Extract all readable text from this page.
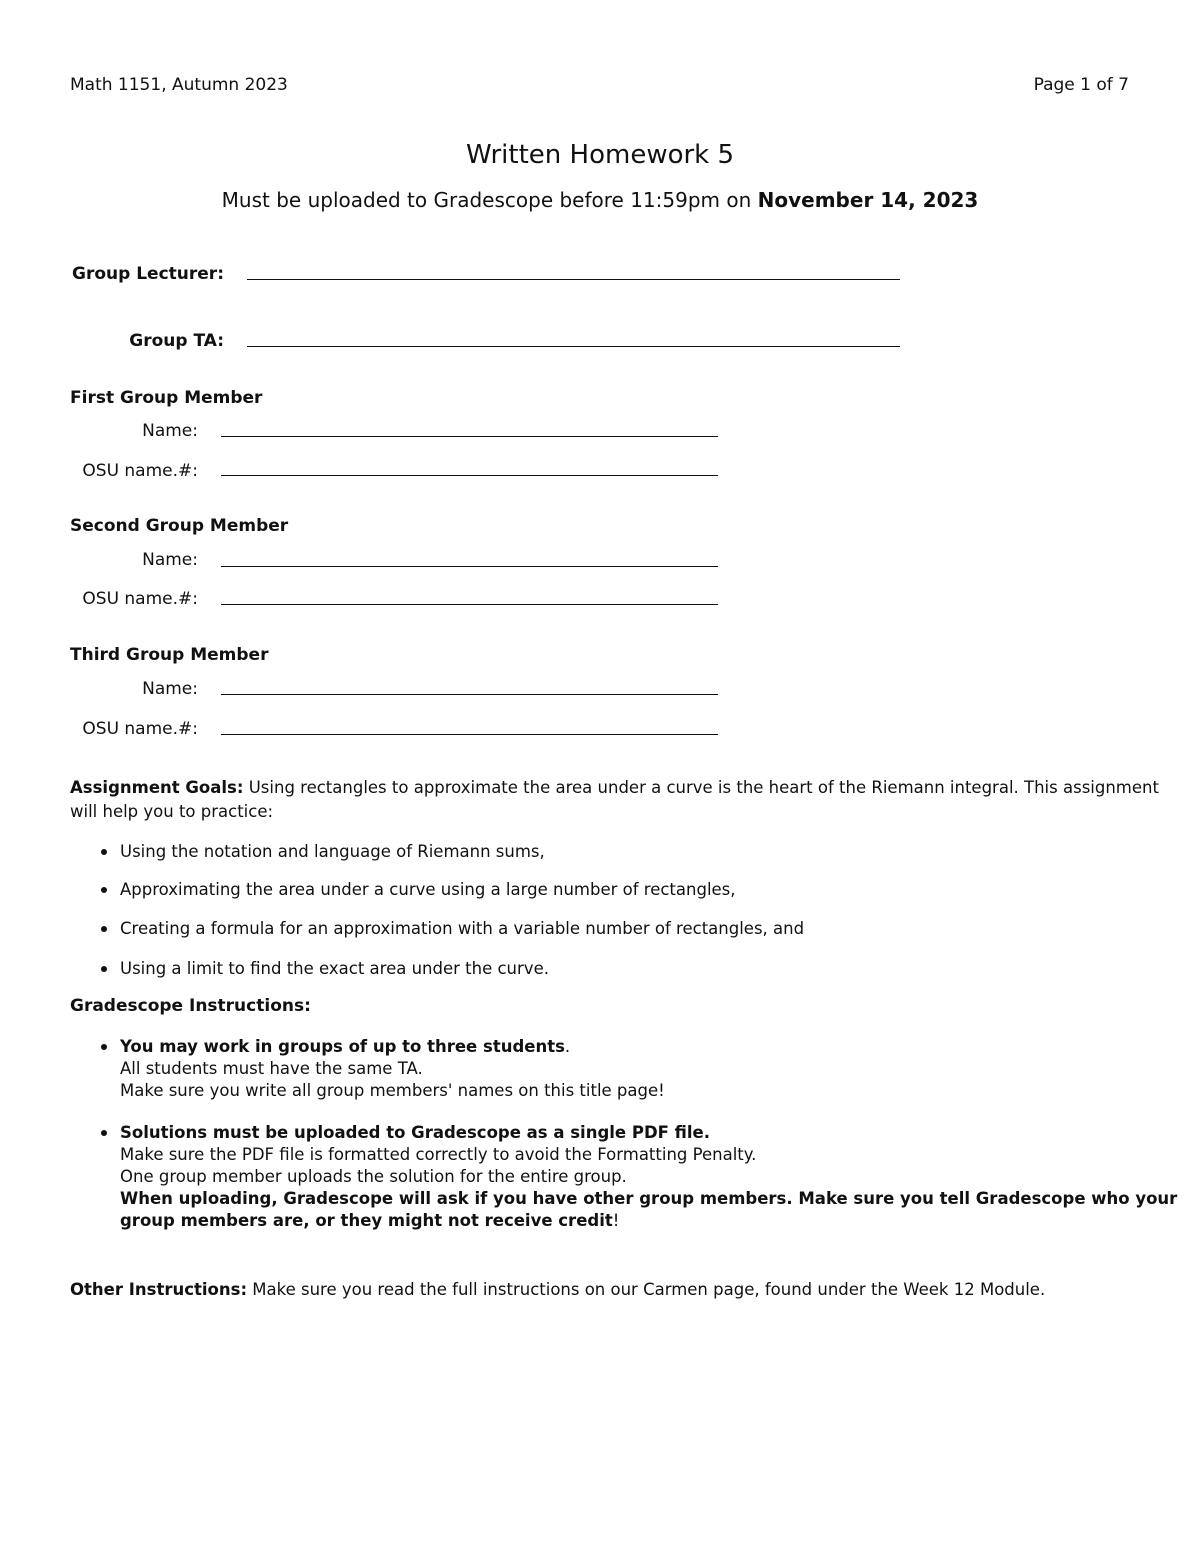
Math 1151, Autumn 2023	Page 1 of 7
Written Homework 5
Must be uploaded to Gradescope before 11:59pm on November 14, 2023
Group Lecturer:
Group TA:
First Group Member
Name:
OSU name.#:
Second Group Member
Name:
OSU name.#:
Third Group Member
Name:
OSU name.#:
Assignment Goals: Using rectangles to approximate the area under a curve is the heart of the Riemann integral. This assignment
will help you to practice:
Using the notation and language of Riemann sums,
Approximating the area under a curve using a large number of rectangles,
Creating a formula for an approximation with a variable number of rectangles, and
Using a limit to find the exact area under the curve.
Gradescope Instructions:
You may work in groups of up to three students.
All students must have the same TA.
Make sure you write all group members' names on this title page!
Solutions must be uploaded to Gradescope as a single PDF file.
Make sure the PDF file is formatted correctly to avoid the Formatting Penalty.
One group member uploads the solution for the entire group.
When uploading, Gradescope will ask if you have other group members. Make sure you tell Gradescope who your
group members are, or they might not receive credit!
Other Instructions: Make sure you read the full instructions on our Carmen page, found under the Week 12 Module.
